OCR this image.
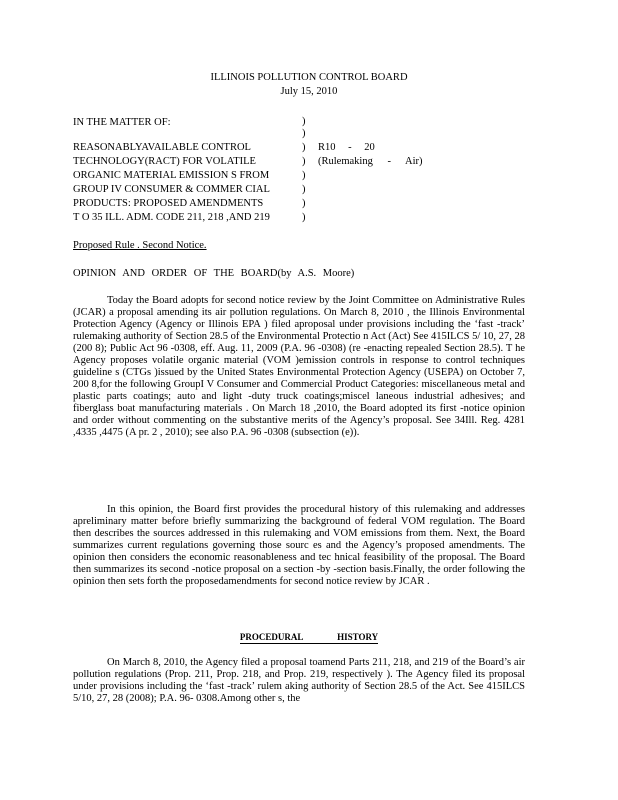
ILLINOIS POLLUTION CONTROL BOARD
July 15, 2010
IN THE MATTER OF:
REASONABLYAVAILABLE CONTROL
TECHNOLOGY(RACT) FOR VOLATILE
ORGANIC MATERIAL EMISSION S FROM
GROUP IV CONSUMER & COMMER CIAL
PRODUCTS: PROPOSED AMENDMENTS
T O 35 ILL. ADM. CODE 211, 218 ,AND 219
)
)
)
)
)
)
)
)
R10 - 20
(Rulemaking - Air)
Proposed Rule . Second Notice.
OPINION AND ORDER OF THE BOARD(by A.S. Moore)
Today the Board adopts for second notice review by the Joint Committee on Administrative Rules (JCAR) a proposal amending its air pollution regulations. On March 8, 2010 , the Illinois Environmental Protection Agency (Agency or Illinois EPA ) filed aproposal under provisions including the ‘fast -track’ rulemaking authority of Section 28.5 of the Environmental Protectio n Act (Act) See 415ILCS 5/ 10, 27, 28 (200 8); Public Act 96 -0308, eff. Aug. 11, 2009 (P.A. 96 -0308) (re -enacting repealed Section 28.5). T he Agency proposes volatile organic material (VOM )emission controls in response to control techniques guideline s (CTGs )issued by the United States Environmental Protection Agency (USEPA) on October 7, 200 8,for the following GroupI V Consumer and Commercial Product Categories: miscellaneous metal and plastic parts coatings; auto and light -duty truck coatings;miscel laneous industrial adhesives; and fiberglass boat manufacturing materials . On March 18 ,2010, the Board adopted its first -notice opinion and order without commenting on the substantive merits of the Agency’s proposal. See 34Ill. Reg. 4281 ,4335 ,4475 (A pr. 2 , 2010); see also P.A. 96 -0308 (subsection (e)).
In this opinion, the Board first provides the procedural history of this rulemaking and addresses apreliminary matter before briefly summarizing the background of federal VOM regulation. The Board then describes the sources addressed in this rulemaking and VOM emissions from them. Next, the Board summarizes current regulations governing those sourc es and the Agency’s proposed amendments. The opinion then considers the economic reasonableness and tec hnical feasibility of the proposal. The Board then summarizes its second -notice proposal on a section -by -section basis.Finally, the order following the opinion then sets forth the proposedamendments for second notice review by JCAR .
PROCEDURAL HISTORY
On March 8, 2010, the Agency filed a proposal toamend Parts 211, 218, and 219 of the Board’s air pollution regulations (Prop. 211, Prop. 218, and Prop. 219, respectively ). The Agency filed its proposal under provisions including the ‘fast -track’ rulem aking authority of Section 28.5 of the Act. See 415ILCS 5/10, 27, 28 (2008); P.A. 96- 0308.Among other s, the
